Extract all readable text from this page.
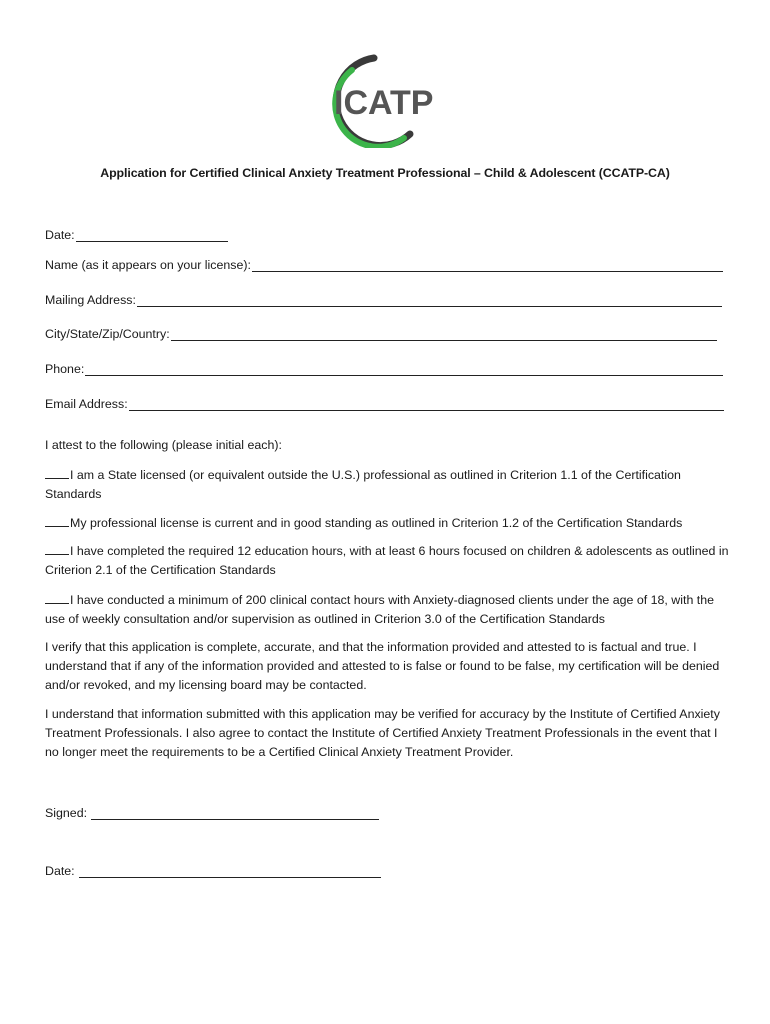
ICATP
Application for Certified Clinical Anxiety Treatment Professional – Child & Adolescent (CCATP-CA)
Date:
Name (as it appears on your license):
Mailing Address:
City/State/Zip/Country:
Phone:
Email Address:
I attest to the following (please initial each):
I am a State licensed (or equivalent outside the U.S.) professional as outlined in Criterion 1.1 of the Certification Standards
My professional license is current and in good standing as outlined in Criterion 1.2 of the Certification Standards
I have completed the required 12 education hours, with at least 6 hours focused on children & adolescents as outlined in Criterion 2.1 of the Certification Standards
I have conducted a minimum of 200 clinical contact hours with Anxiety-diagnosed clients under the age of 18, with the use of weekly consultation and/or supervision as outlined in Criterion 3.0 of the Certification Standards
I verify that this application is complete, accurate, and that the information provided and attested to is factual and true. I understand that if any of the information provided and attested to is false or found to be false, my certification will be denied and/or revoked, and my licensing board may be contacted.
I understand that information submitted with this application may be verified for accuracy by the Institute of Certified Anxiety Treatment Professionals. I also agree to contact the Institute of Certified Anxiety Treatment Professionals in the event that I no longer meet the requirements to be a Certified Clinical Anxiety Treatment Provider.
Signed:
Date:
